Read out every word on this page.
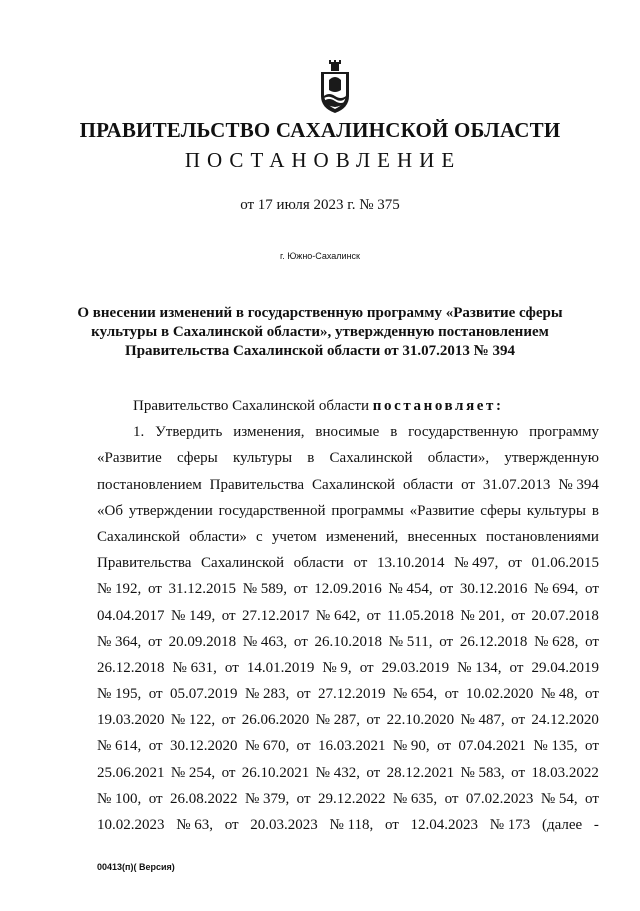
ПРАВИТЕЛЬСТВО САХАЛИНСКОЙ ОБЛАСТИ
ПОСТАНОВЛЕНИЕ
от 17 июля 2023 г. № 375
г. Южно-Сахалинск
О внесении изменений в государственную программу «Развитие сферы
культуры в Сахалинской области», утвержденную постановлением
Правительства Сахалинской области от 31.07.2013 № 394
Правительство Сахалинской области
постановляет:
1. Утвердить изменения, вносимые в государственную программу
«Развитие сферы культуры в Сахалинской области», утвержденную
постановлением Правительства Сахалинской области от 31.07.2013 № 394
«Об утверждении государственной программы «Развитие сферы культуры в
Сахалинской области» с учетом изменений, внесенных постановлениями
Правительства Сахалинской области от 13.10.2014 № 497, от 01.06.2015
№ 192, от 31.12.2015 № 589, от 12.09.2016 № 454, от 30.12.2016 № 694, от
04.04.2017 № 149, от 27.12.2017 № 642, от 11.05.2018 № 201, от 20.07.2018
№ 364, от 20.09.2018 № 463, от 26.10.2018 № 511, от 26.12.2018 № 628, от
26.12.2018 № 631, от 14.01.2019 № 9, от 29.03.2019 № 134, от 29.04.2019
№ 195, от 05.07.2019 № 283, от 27.12.2019 № 654, от 10.02.2020 № 48, от
19.03.2020 № 122, от 26.06.2020 № 287, от 22.10.2020 № 487, от 24.12.2020
№ 614, от 30.12.2020 № 670, от 16.03.2021 № 90, от 07.04.2021 № 135, от
25.06.2021 № 254, от 26.10.2021 № 432, от 28.12.2021 № 583, от 18.03.2022
№ 100, от 26.08.2022 № 379, от 29.12.2022 № 635, от 07.02.2023 № 54, от
10.02.2023 № 63, от 20.03.2023 № 118, от 12.04.2023 № 173 (далее -
00413(п)( Версия)
